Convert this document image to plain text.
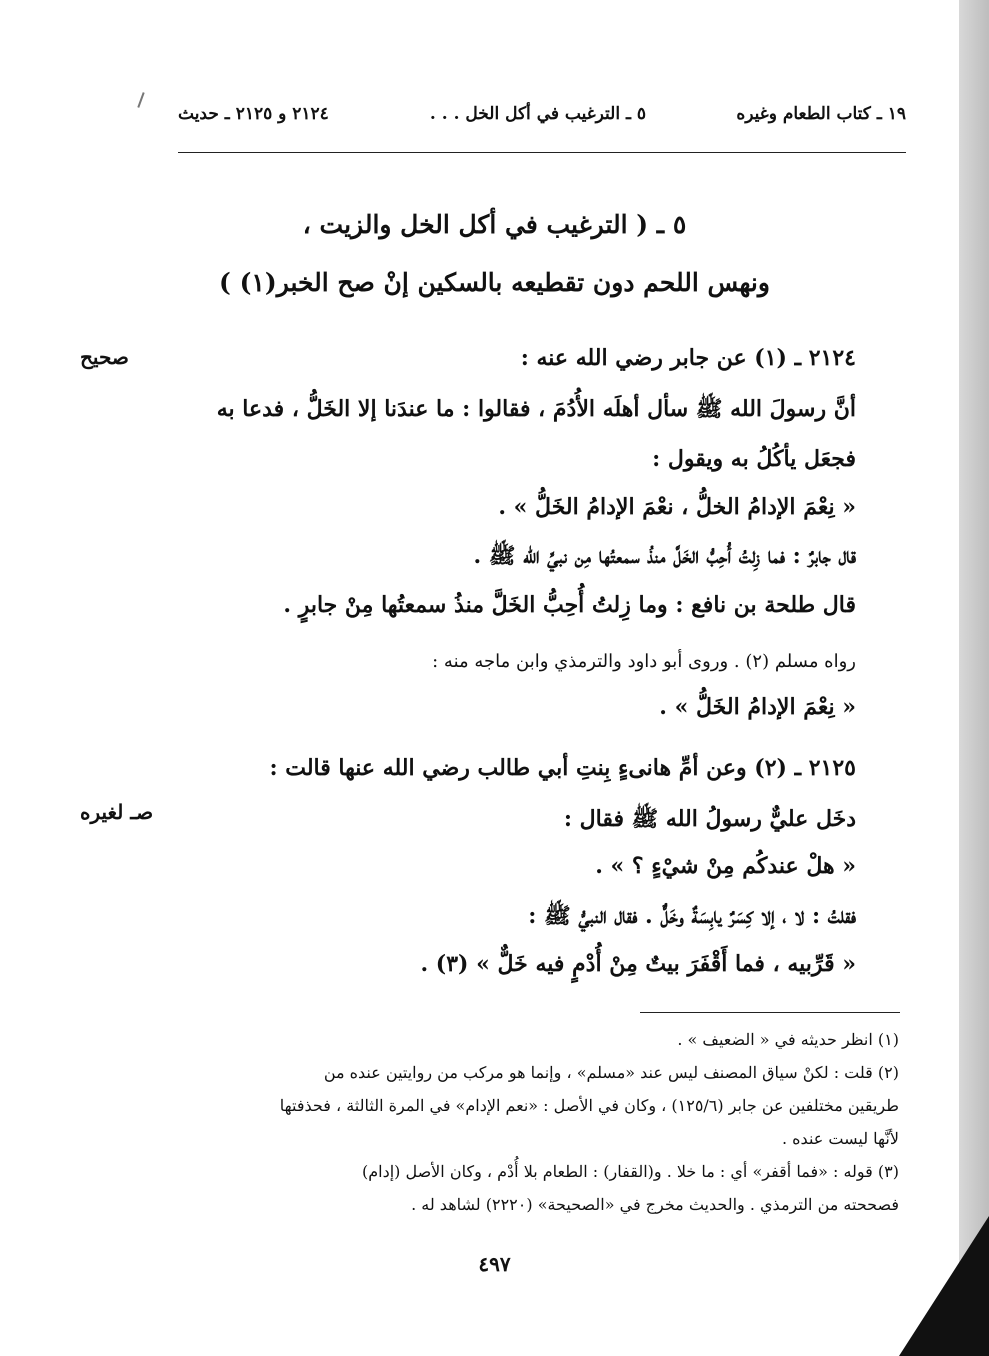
١٩ ـ كتاب الطعام وغيره
٥ ـ الترغيب في أكل الخل . . .
٢١٢٤ و ٢١٢٥ ـ حديث
٥ ـ ( الترغيب في أكل الخل والزيت ،
ونهس اللحم دون تقطيعه بالسكين إنْ صح الخبر(١) )
صحيح
صـ لغيره
٢١٢٤ ـ (١) عن جابر رضي الله عنه :
أنَّ رسولَ الله ﷺ سأل أهلَه الأُدُمَ ، فقالوا : ما عندَنا إلا الخَلُّ ، فدعا به
فجعَل يأكُلُ به ويقول :
« نِعْمَ الإدامُ الخلُّ ، نعْمَ الإدامُ الخَلُّ » .
قال جابرٌ : فما زِلتُ أُحِبُّ الخَلَّ منذُ سمعتُها مِن نبيِّ الله ﷺ .
قال طلحة بن نافع : وما زِلتُ أُحِبُّ الخَلَّ منذُ سمعتُها مِنْ جابرٍ .
رواه مسلم (٢) . وروى أبو داود والترمذي وابن ماجه منه :
« نِعْمَ الإدامُ الخَلُّ » .
٢١٢٥ ـ (٢) وعن أمِّ هانىءٍ بِنتِ أبي طالب رضي الله عنها قالت :
دخَل عليٌّ رسولُ الله ﷺ فقال :
« هلْ عندكُم مِنْ شيْءٍ ؟ » .
فقلتُ : لا ، إلا كِسَرٌ يابِسَةٌ وخَلٌّ . فقال النبيُّ ﷺ :
« قَرِّبيه ، فما أَقْفَرَ بيتٌ مِنْ أُدْمٍ فيه خَلٌّ » (٣) .
(١) انظر حديثه في « الضعيف » .
(٢) قلت : لكنْ سياق المصنف ليس عند «مسلم» ، وإنما هو مركب من روايتين عنده من
طريقين مختلفين عن جابر (١٢٥/٦) ، وكان في الأصل : «نعم الإدام» في المرة الثالثة ، فحذفتها
لأنَّها ليست عنده .
(٣) قوله : «فما أقفر» أي : ما خلا . و(القفار) : الطعام بلا أُدْم ، وكان الأصل (إدام)
فصححته من الترمذي . والحديث مخرج في «الصحيحة» (٢٢٢٠) لشاهد له .
٤٩٧
